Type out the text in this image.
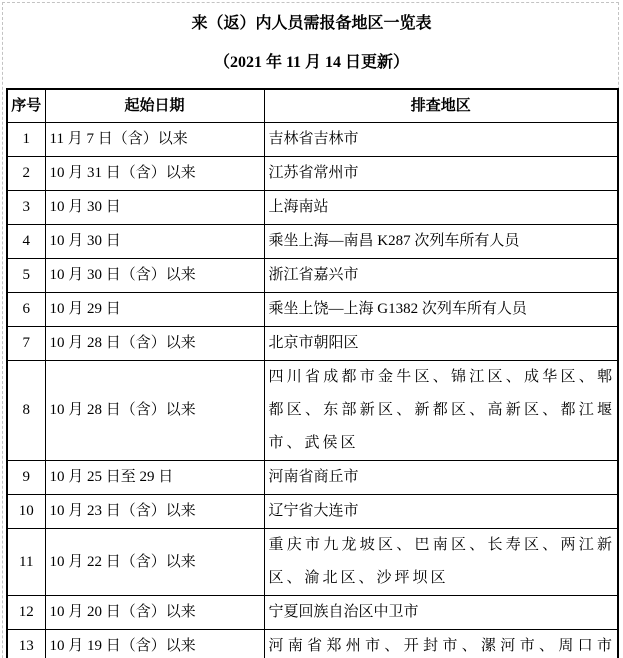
来（返）内人员需报备地区一览表
（2021 年 11 月 14 日更新）
序号	起始日期	排查地区
1	11 月 7 日（含）以来	吉林省吉林市
2	10 月 31 日（含）以来	江苏省常州市
3	10 月 30 日	上海南站
4	10 月 30 日	乘坐上海—南昌 K287 次列车所有人员
5	10 月 30 日（含）以来	浙江省嘉兴市
6	10 月 29 日	乘坐上饶—上海 G1382 次列车所有人员
7	10 月 28 日（含）以来	北京市朝阳区
8	10 月 28 日（含）以来	四川省成都市金牛区、锦江区、成华区、郫都区、东部新区、新都区、高新区、都江堰市、武侯区
9	10 月 25 日至 29 日	河南省商丘市
10	10 月 23 日（含）以来	辽宁省大连市
11	10 月 22 日（含）以来	重庆市九龙坡区、巴南区、长寿区、两江新区、渝北区、沙坪坝区
12	10 月 20 日（含）以来	宁夏回族自治区中卫市
13	10 月 19 日（含）以来	河南省郑州市、开封市、漯河市、周口市
